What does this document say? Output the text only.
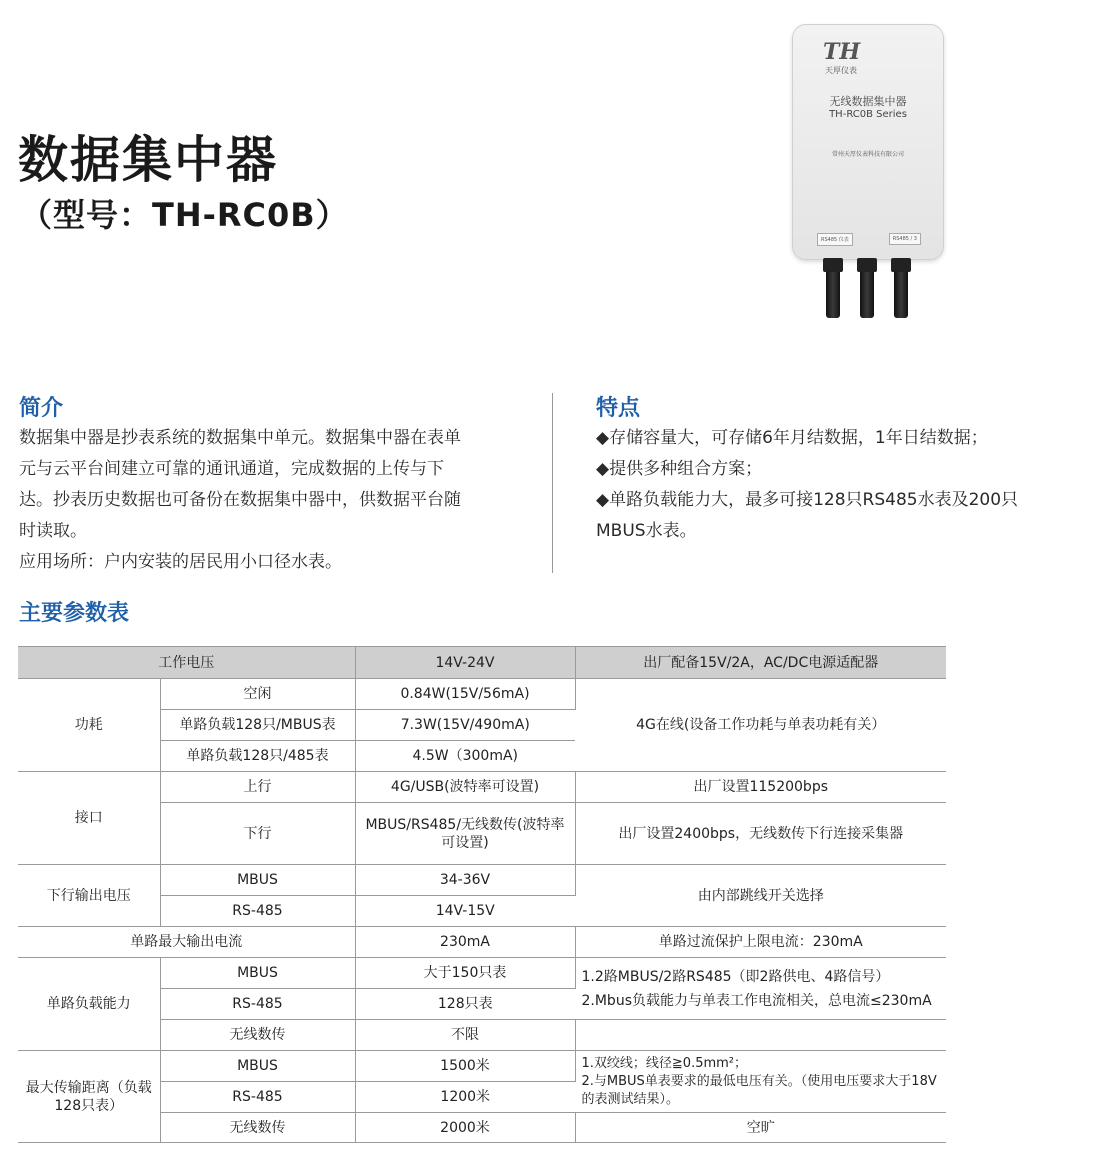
数据集中器
（型号：TH-RC0B）
TH
天厚仪表
无线数据集中器
TH-RC0B Series
常州天厚仪表科技有限公司
RS485 仪表	RS485 / 3
简介
数据集中器是抄表系统的数据集中单元。数据集中器在表单
元与云平台间建立可靠的通讯通道，完成数据的上传与下
达。抄表历史数据也可备份在数据集中器中，供数据平台随
时读取。
应用场所：户内安装的居民用小口径水表。
特点
◆存储容量大，可存储6年月结数据，1年日结数据；
◆提供多种组合方案；
◆单路负载能力大，最多可接128只RS485水表及200只
MBUS水表。
主要参数表
工作电压		14V-24V	出厂配备15V/2A，AC/DC电源适配器
功耗	空闲	0.84W(15V/56mA)	4G在线(设备工作功耗与单表功耗有关）
	单路负载128只/MBUS表	7.3W(15V/490mA)	
	单路负载128只/485表	4.5W（300mA)	
接口	上行	4G/USB(波特率可设置)	出厂设置115200bps
	下行	MBUS/RS485/无线数传(波特率可设置)	出厂设置2400bps，无线数传下行连接采集器
下行输出电压	MBUS	34-36V	由内部跳线开关选择
	RS-485	14V-15V	
单路最大输出电流		230mA	单路过流保护上限电流：230mA
单路负载能力	MBUS	大于150只表	1.2路MBUS/2路RS485（即2路供电、4路信号）
2.Mbus负载能力与单表工作电流相关，总电流≤230mA

	RS-485	128只表	
	无线数传	不限	
最大传输距离（负载128只表）	MBUS	1500米	1.双绞线；线径≧0.5mm²；
2.与MBUS单表要求的最低电压有关。（使用电压要求大于18V的表测试结果）。

	RS-485	1200米	
	无线数传	2000米	空旷
